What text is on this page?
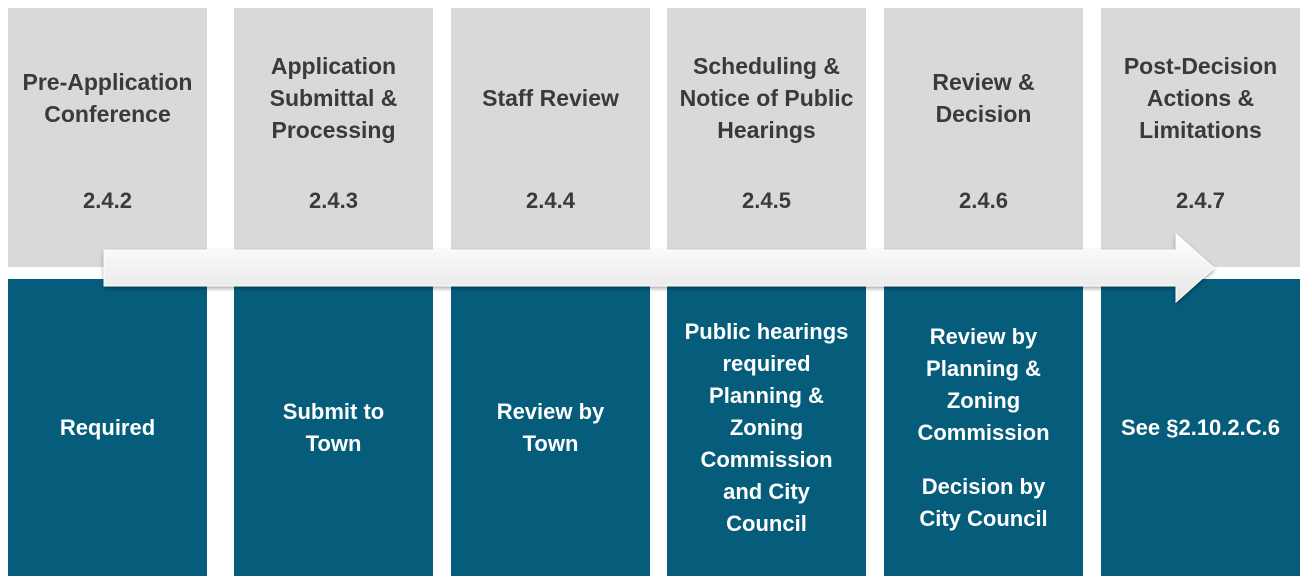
Pre-Application Conference
2.4.2
Required
Application Submittal & Processing
2.4.3
Submit to Town
Staff Review
2.4.4
Review by Town
Scheduling & Notice of Public Hearings
2.4.5
Public hearings required Planning & Zoning Commission and City Council
Review & Decision
2.4.6
Review by Planning & Zoning Commission
Decision by City Council
Post-Decision Actions & Limitations
2.4.7
See §2.10.2.C.6
